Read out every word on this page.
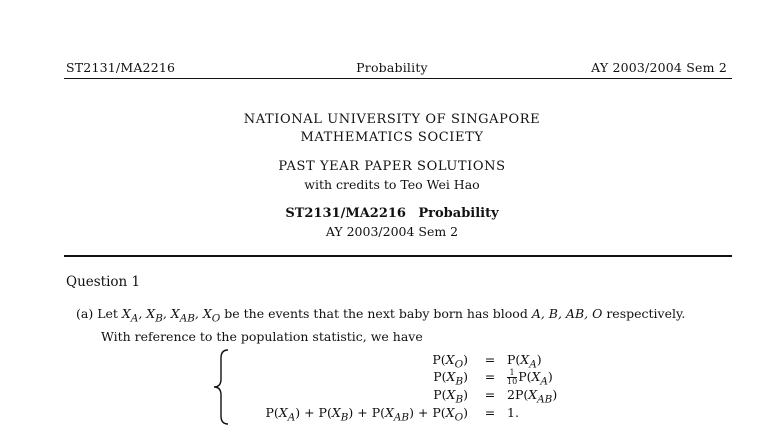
ST2131/MA2216	Probability	AY 2003/2004 Sem 2
NATIONAL UNIVERSITY OF SINGAPORE
MATHEMATICS SOCIETY
PAST YEAR PAPER SOLUTIONS
with credits to Teo Wei Hao
ST2131/MA2216 Probability
AY 2003/2004 Sem 2
Question 1
(a) Let $X_A$, $X_B$, $X_{AB}$, $X_O$ be the events that the next baby born has blood A, B, AB, O respectively.
With reference to the population statistic, we have
$P(X_O)$	= $P(X_A)$
$P(X_B)$	=	$\frac{1}{10} P(X_A)$
$P(X_B)$	= $2P(X_{AB})$
$P(X_A) + P(X_B) + P(X_{AB}) + P(X_O)$	= 1.
